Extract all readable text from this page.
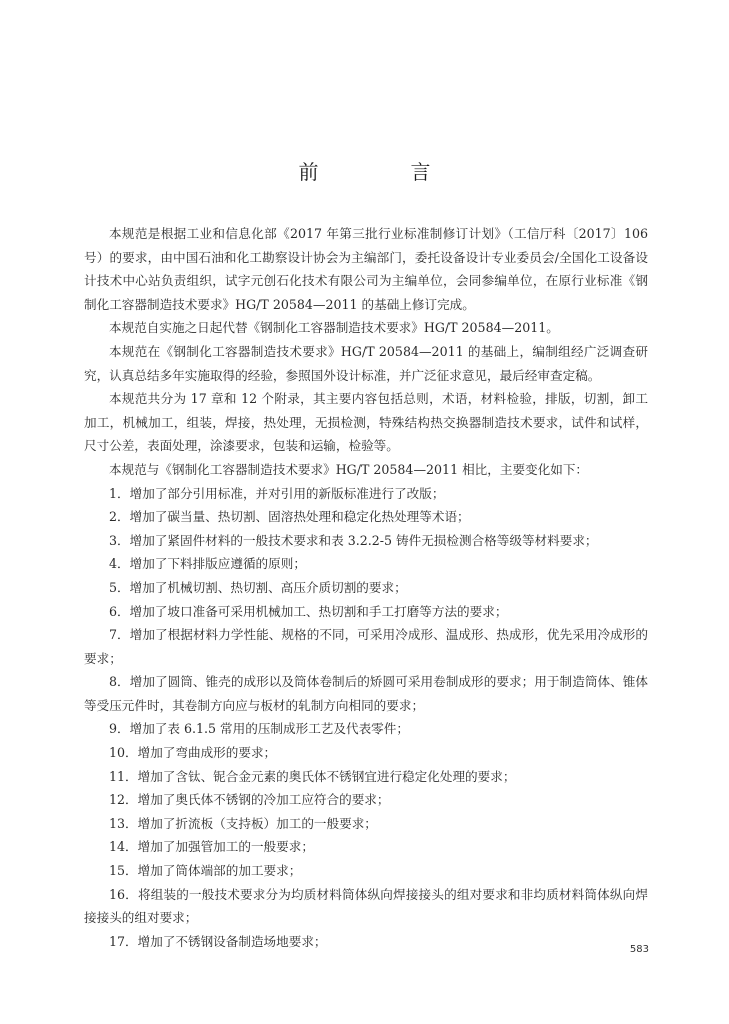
前　言

本规范是根据工业和信息化部《2017 年第三批行业标准制修订计划》（工信厅科〔2017〕106 号）的要求，由中国石油和化工勘察设计协会为主编部门，委托设备设计专业委员会/全国化工设备设计技术中心站负责组织，试字元创石化技术有限公司为主编单位，会同参编单位，在原行业标准《钢制化工容器制造技术要求》HG/T 20584—2011 的基础上修订完成。

本规范自实施之日起代替《钢制化工容器制造技术要求》HG/T 20584—2011。

本规范在《钢制化工容器制造技术要求》HG/T 20584—2011 的基础上，编制组经广泛调查研究，认真总结多年实施取得的经验，参照国外设计标准，并广泛征求意见，最后经审查定稿。

本规范共分为 17 章和 12 个附录，其主要内容包括总则，术语，材料检验，排版，切割，卸工加工，机械加工，组装，焊接，热处理，无损检测，特殊结构热交换器制造技术要求，试件和试样，尺寸公差，表面处理，涂漆要求，包装和运输，检验等。

本规范与《钢制化工容器制造技术要求》HG/T 20584—2011 相比，主要变化如下：

1．增加了部分引用标准，并对引用的新版标准进行了改版；

2．增加了碳当量、热切割、固溶热处理和稳定化热处理等术语；

3．增加了紧固件材料的一般技术要求和表 3.2.2-5 铸件无损检测合格等级等材料要求；

4．增加了下料排版应遵循的原则；

5．增加了机械切割、热切割、高压介质切割的要求；

6．增加了坡口准备可采用机械加工、热切割和手工打磨等方法的要求；

7．增加了根据材料力学性能、规格的不同，可采用冷成形、温成形、热成形，优先采用冷成形的要求；

8．增加了圆筒、锥壳的成形以及筒体卷制后的矫圆可采用卷制成形的要求；用于制造筒体、锥体等受压元件时，其卷制方向应与板材的轧制方向相同的要求；

9．增加了表 6.1.5 常用的压制成形工艺及代表零件；

10．增加了弯曲成形的要求；

11．增加了含钛、铌合金元素的奥氏体不锈钢宜进行稳定化处理的要求；

12．增加了奥氏体不锈钢的冷加工应符合的要求；

13．增加了折流板（支持板）加工的一般要求；

14．增加了加强管加工的一般要求；

15．增加了筒体端部的加工要求；

16．将组装的一般技术要求分为均质材料筒体纵向焊接接头的组对要求和非均质材料筒体纵向焊接接头的组对要求；

17．增加了不锈钢设备制造场地要求；

583
